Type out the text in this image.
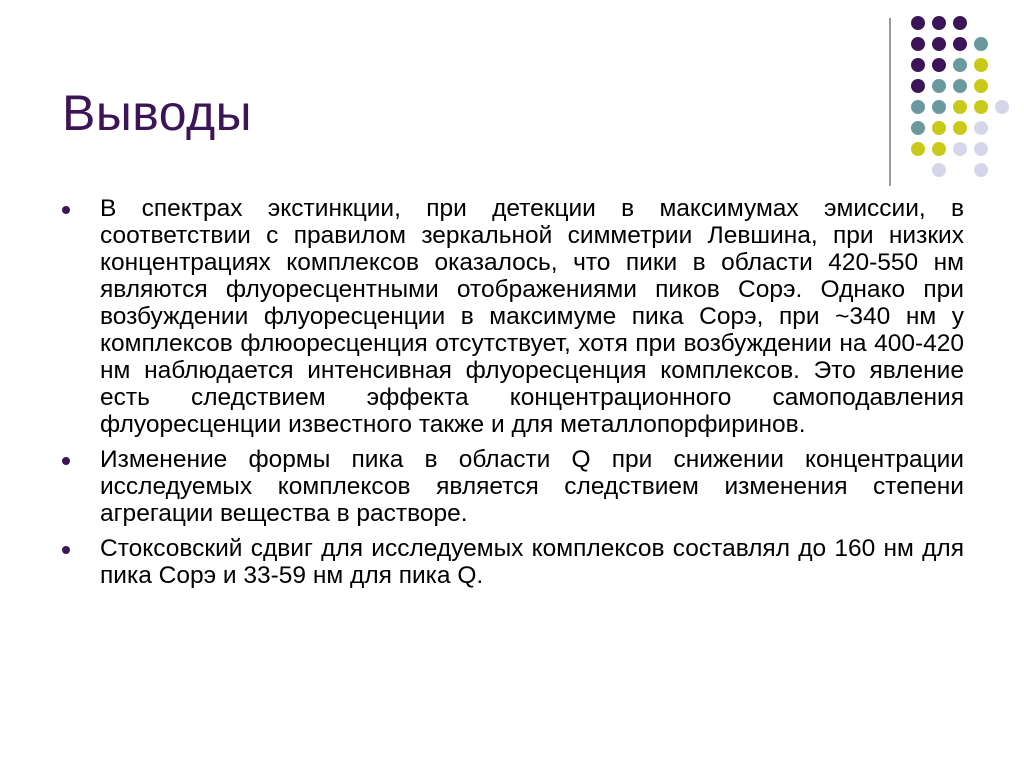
Выводы
В спектрах экстинкции, при детекции в максимумах эмиссии, в соответствии с правилом зеркальной симметрии Левшина, при низких концентрациях комплексов оказалось, что пики в области 420-550 нм являются флуоресцентными отображениями пиков Сорэ. Однако при возбуждении флуоресценции в максимуме пика Сорэ, при ~340 нм у комплексов флюоресценция отсутствует, хотя при возбуждении на 400-420 нм наблюдается интенсивная флуоресценция комплексов. Это явление есть следствием эффекта концентрационного самоподавления флуоресценции известного также и для металлопорфиринов.
Изменение формы пика в области Q при снижении концентрации исследуемых комплексов является следствием изменения степени агрегации вещества в растворе.
Стоксовский сдвиг для исследуемых комплексов составлял до 160 нм для пика Сорэ и 33-59 нм для пика Q.
